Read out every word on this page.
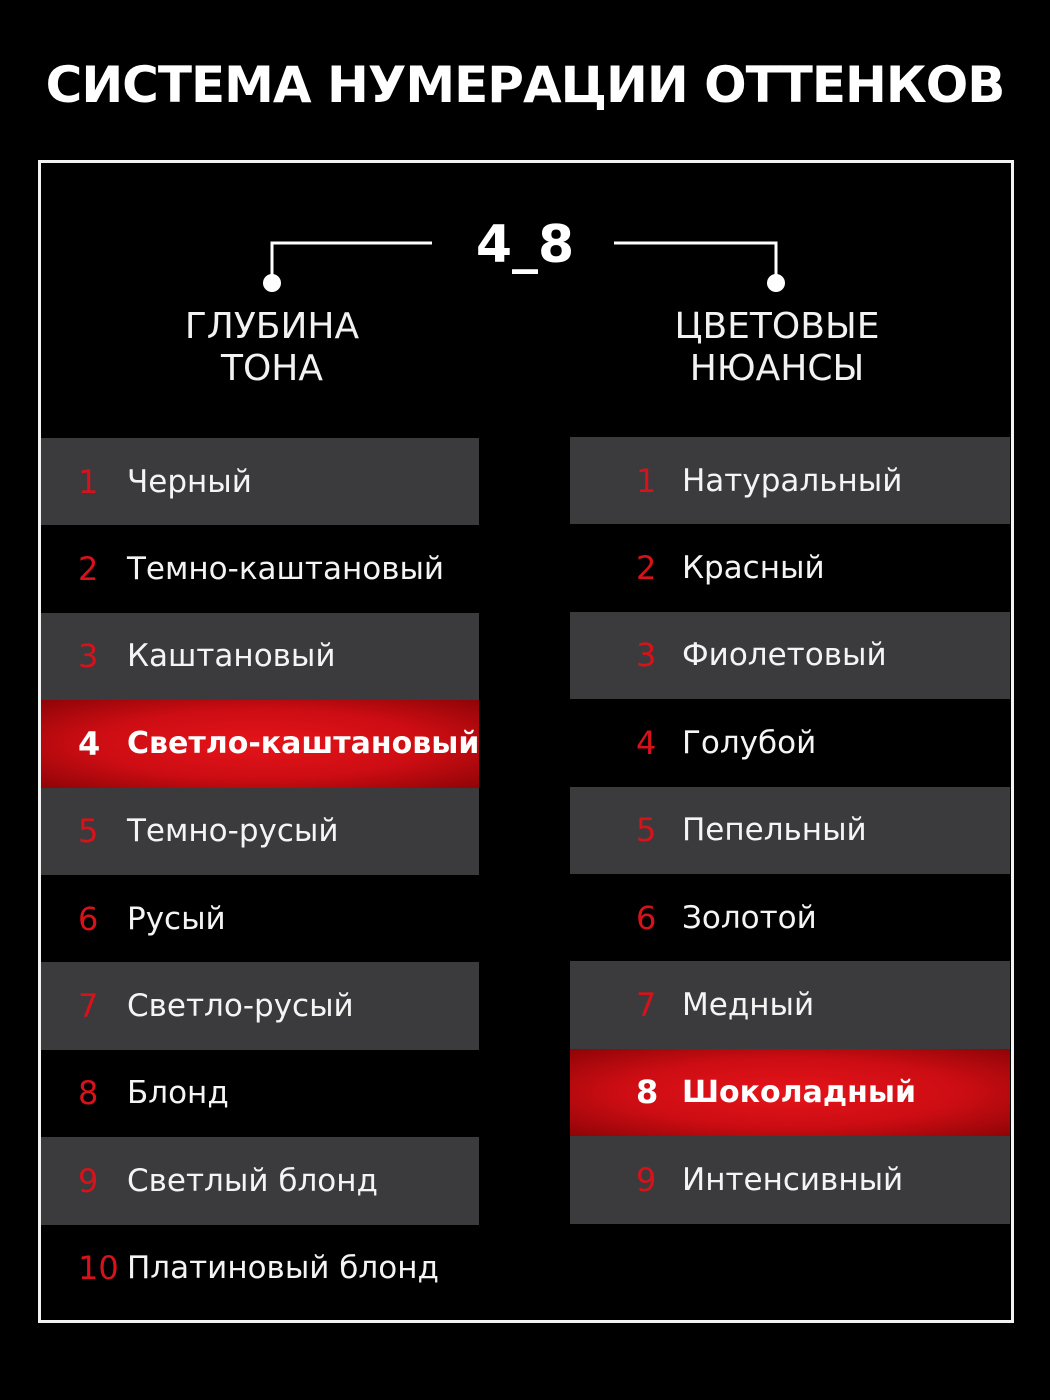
СИСТЕМА НУМЕРАЦИИ ОТТЕНКОВ
4_8
ГЛУБИНА
ТОНА
ЦВЕТОВЫЕ
НЮАНСЫ
1 Черный
2 Темно-каштановый
3 Каштановый
4 Светло-каштановый
5 Темно-русый
6 Русый
7 Светло-русый
8 Блонд
9 Светлый блонд
10 Платиновый блонд
1 Натуральный
2 Красный
3 Фиолетовый
4 Голубой
5 Пепельный
6 Золотой
7 Медный
8 Шоколадный
9 Интенсивный
